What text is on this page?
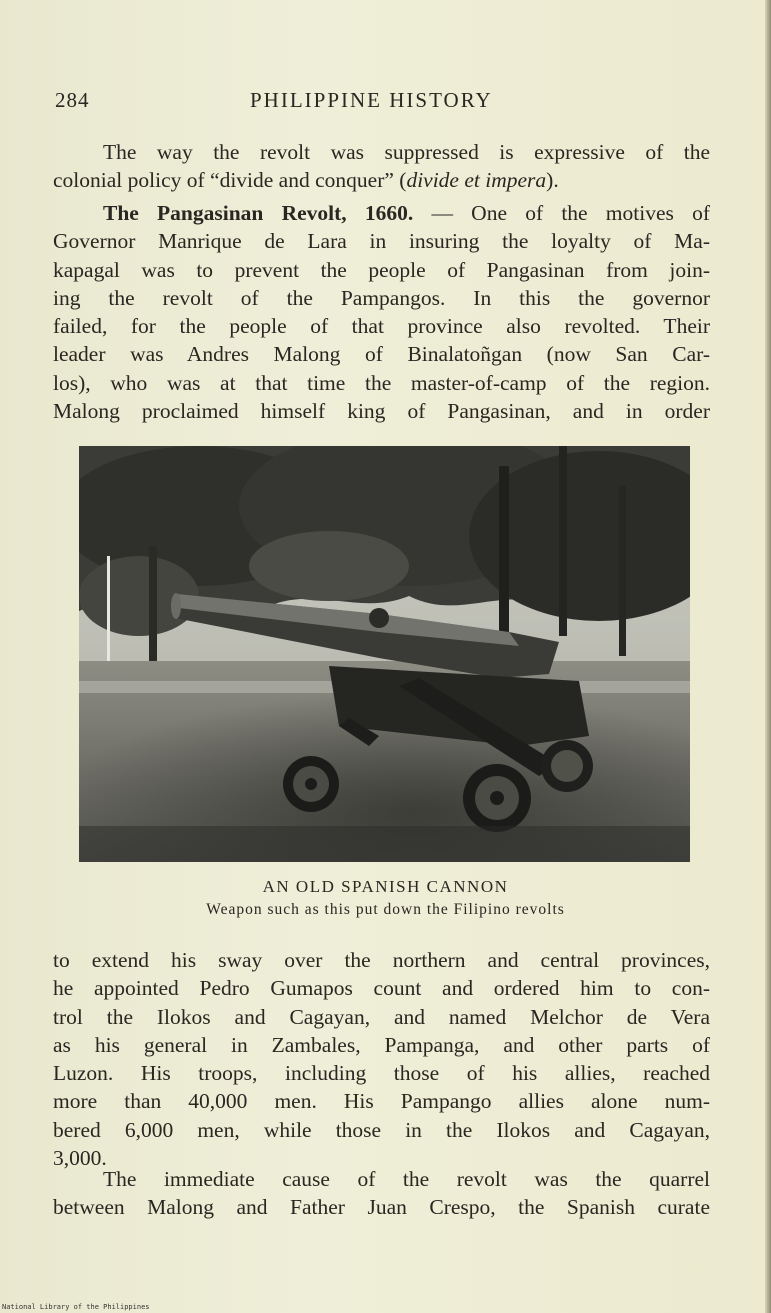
284	PHILIPPINE HISTORY

The way the revolt was suppressed is expressive of the
colonial policy of “divide and conquer” (divide et impera).

The Pangasinan Revolt, 1660. — One of the motives of
Governor Manrique de Lara in insuring the loyalty of Ma-
kapagal was to prevent the people of Pangasinan from join-
ing the revolt of the Pampangos. In this the governor
failed, for the people of that province also revolted. Their
leader was Andres Malong of Binalatoñgan (now San Car-
los), who was at that time the master-of-camp of the region.
Malong proclaimed himself king of Pangasinan, and in order

AN OLD SPANISH CANNON
Weapon such as this put down the Filipino revolts

to extend his sway over the northern and central provinces,
he appointed Pedro Gumapos count and ordered him to con-
trol the Ilokos and Cagayan, and named Melchor de Vera
as his general in Zambales, Pampanga, and other parts of
Luzon. His troops, including those of his allies, reached
more than 40,000 men. His Pampango allies alone num-
bered 6,000 men, while those in the Ilokos and Cagayan,
3,000.

The immediate cause of the revolt was the quarrel
between Malong and Father Juan Crespo, the Spanish curate

National Library of the Philippines
